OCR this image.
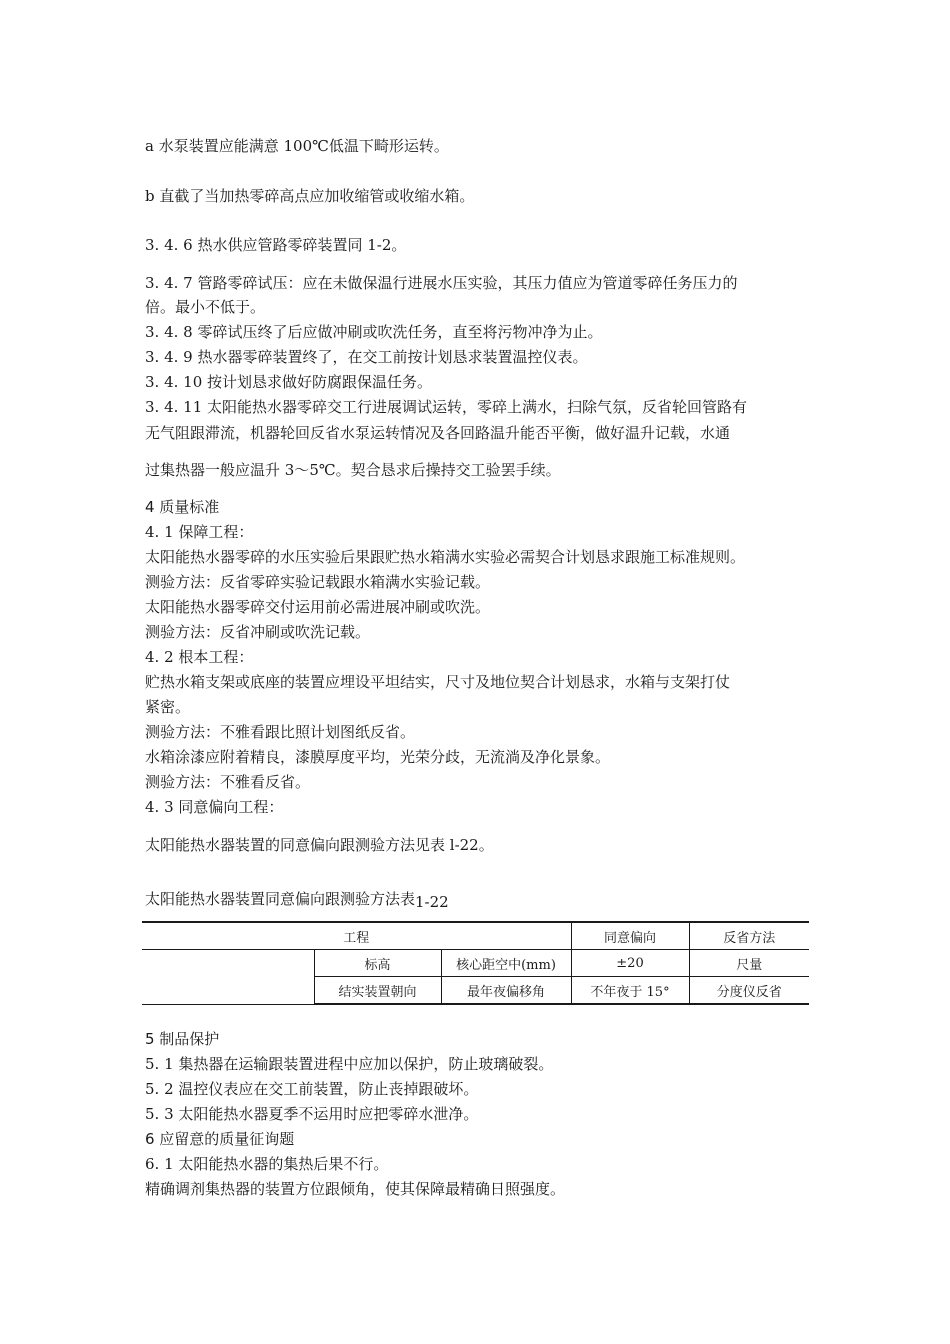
a 水泵装置应能满意 100℃低温下畸形运转。
b 直截了当加热零碎高点应加收缩管或收缩水箱。
3. 4. 6 热水供应管路零碎装置同 1-2。
3. 4. 7 管路零碎试压：应在未做保温行进展水压实验，其压力值应为管道零碎任务压力的
倍。最小不低于。
3. 4. 8 零碎试压终了后应做冲刷或吹洗任务，直至将污物冲净为止。
3. 4. 9 热水器零碎装置终了，在交工前按计划恳求装置温控仪表。
3. 4. 10 按计划恳求做好防腐跟保温任务。
3. 4. 11 太阳能热水器零碎交工行进展调试运转，零碎上满水，扫除气氛，反省轮回管路有
无气阻跟滞流，机器轮回反省水泵运转情况及各回路温升能否平衡，做好温升记载，水通
过集热器一般应温升 3～5℃。契合恳求后操持交工验罢手续。
4 质量标准
4. 1 保障工程：
太阳能热水器零碎的水压实验后果跟贮热水箱满水实验必需契合计划恳求跟施工标准规则。
测验方法：反省零碎实验记载跟水箱满水实验记载。
太阳能热水器零碎交付运用前必需进展冲刷或吹洗。
测验方法：反省冲刷或吹洗记载。
4. 2 根本工程：
贮热水箱支架或底座的装置应埋设平坦结实，尺寸及地位契合计划恳求，水箱与支架打仗
紧密。
测验方法：不雅看跟比照计划图纸反省。
水箱涂漆应附着精良，漆膜厚度平均，光荣分歧，无流淌及净化景象。
测验方法：不雅看反省。
4. 3 同意偏向工程：
太阳能热水器装置的同意偏向跟测验方法见表 l-22。
太阳能热水器装置同意偏向跟测验方法表1-22
工程			同意偏向	反省方法
	标高	核心距空中(mm)	±20	尺量
	结实装置朝向	最年夜偏移角	不年夜于 15°	分度仪反省
5 制品保护
5. 1 集热器在运输跟装置进程中应加以保护，防止玻璃破裂。
5. 2 温控仪表应在交工前装置，防止丧掉跟破坏。
5. 3 太阳能热水器夏季不运用时应把零碎水泄净。
6 应留意的质量征询题
6. 1 太阳能热水器的集热后果不行。
精确调剂集热器的装置方位跟倾角，使其保障最精确日照强度。
